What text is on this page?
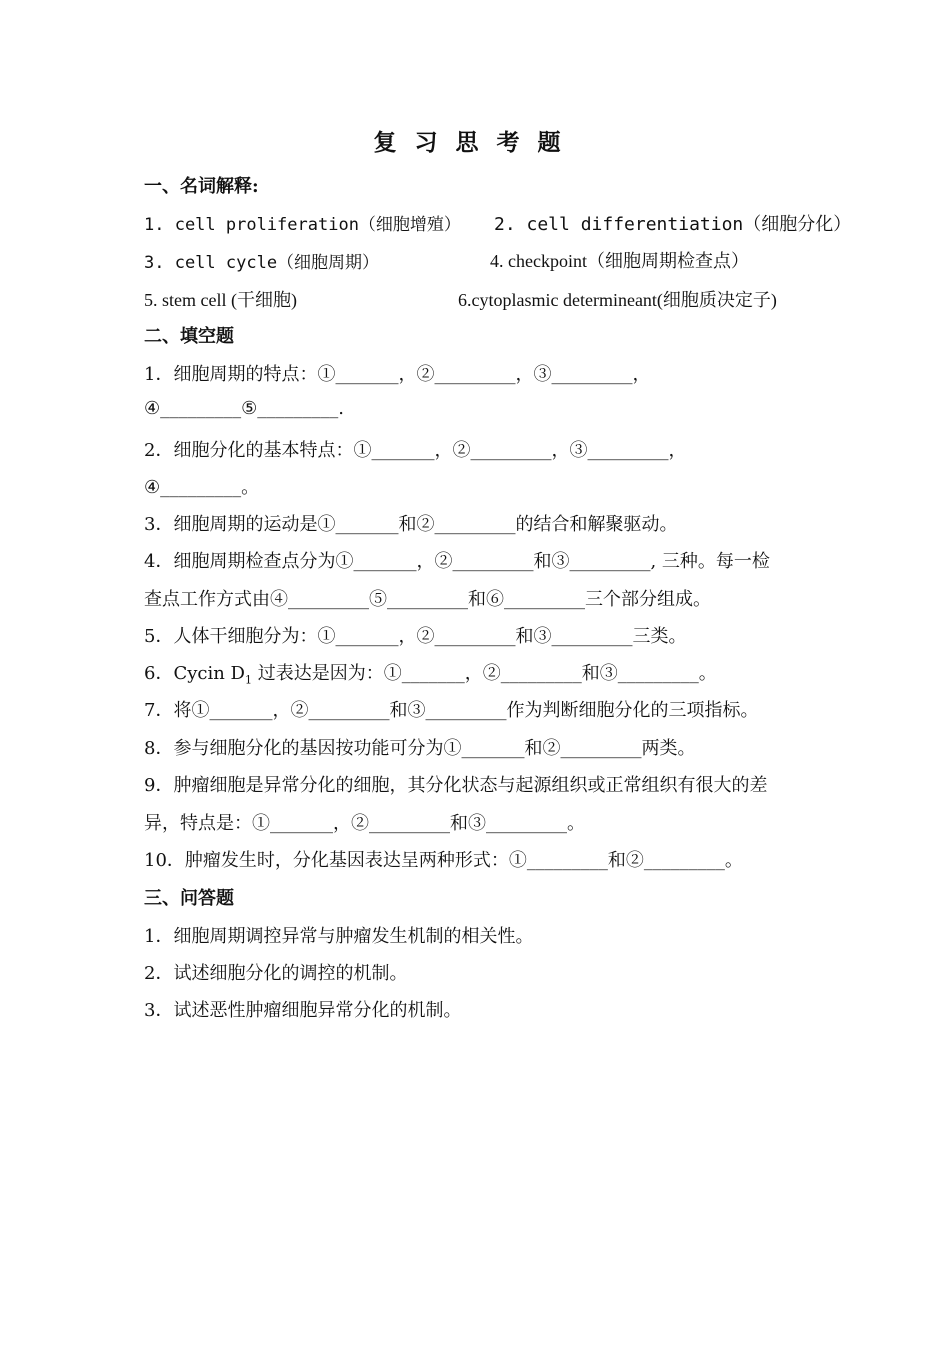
复习思考题
一、名词解释:
1. cell proliferation（细胞增殖） 2. cell differentiation（细胞分化）
3. cell cycle（细胞周期）	4. checkpoint（细胞周期检查点）
5. stem cell (干细胞)	6.cytoplasmic determineant(细胞质决定子)
二、填空题
1．细胞周期的特点：①_______，②_________，③_________，
④_________⑤_________.
2．细胞分化的基本特点：①_______，②_________，③_________，
④_________。
3．细胞周期的运动是①_______和②_________的结合和解聚驱动。
4．细胞周期检查点分为①_______，②_________和③_________, 三种。每一检
查点工作方式由④_________⑤_________和⑥_________三个部分组成。
5．人体干细胞分为：①_______，②_________和③_________三类。
6．Cycin $D_1$ 过表达是因为：①_______，②_________和③_________。
7．将①_______，②_________和③_________作为判断细胞分化的三项指标。
8．参与细胞分化的基因按功能可分为①_______和②_________两类。
9．肿瘤细胞是异常分化的细胞，其分化状态与起源组织或正常组织有很大的差
异，特点是：①_______，②_________和③_________。
10．肿瘤发生时，分化基因表达呈两种形式：①_________和②_________。
三、问答题
1．细胞周期调控异常与肿瘤发生机制的相关性。
2．试述细胞分化的调控的机制。
3．试述恶性肿瘤细胞异常分化的机制。
